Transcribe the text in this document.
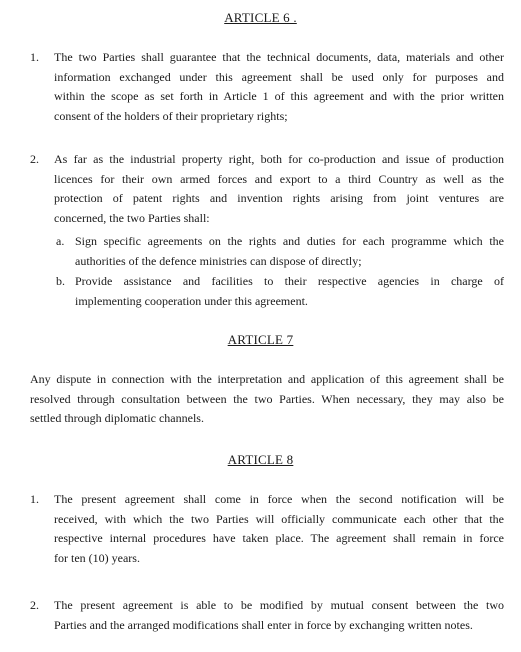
ARTICLE 6 .
1. The two Parties shall guarantee that the technical documents, data, materials and other
information exchanged under this agreement shall be used only for purposes and
within the scope as set forth in Article 1 of this agreement and with the prior written
consent of the holders of their proprietary rights;
2. As far as the industrial property right, both for co-production and issue of production
licences for their own armed forces and export to a third Country as well as the
protection of patent rights and invention rights arising from joint ventures are
concerned, the two Parties shall:
a. Sign specific agreements on the rights and duties for each programme which the
authorities of the defence ministries can dispose of directly;
b. Provide assistance and facilities to their respective agencies in charge of
implementing cooperation under this agreement.
ARTICLE 7
Any dispute in connection with the interpretation and application of this agreement shall be
resolved through consultation between the two Parties. When necessary, they may also be
settled through diplomatic channels.
ARTICLE 8
1. The present agreement shall come in force when the second notification will be
received, with which the two Parties will officially communicate each other that the
respective internal procedures have taken place. The agreement shall remain in force
for ten (10) years.
2. The present agreement is able to be modified by mutual consent between the two
Parties and the arranged modifications shall enter in force by exchanging written notes.
